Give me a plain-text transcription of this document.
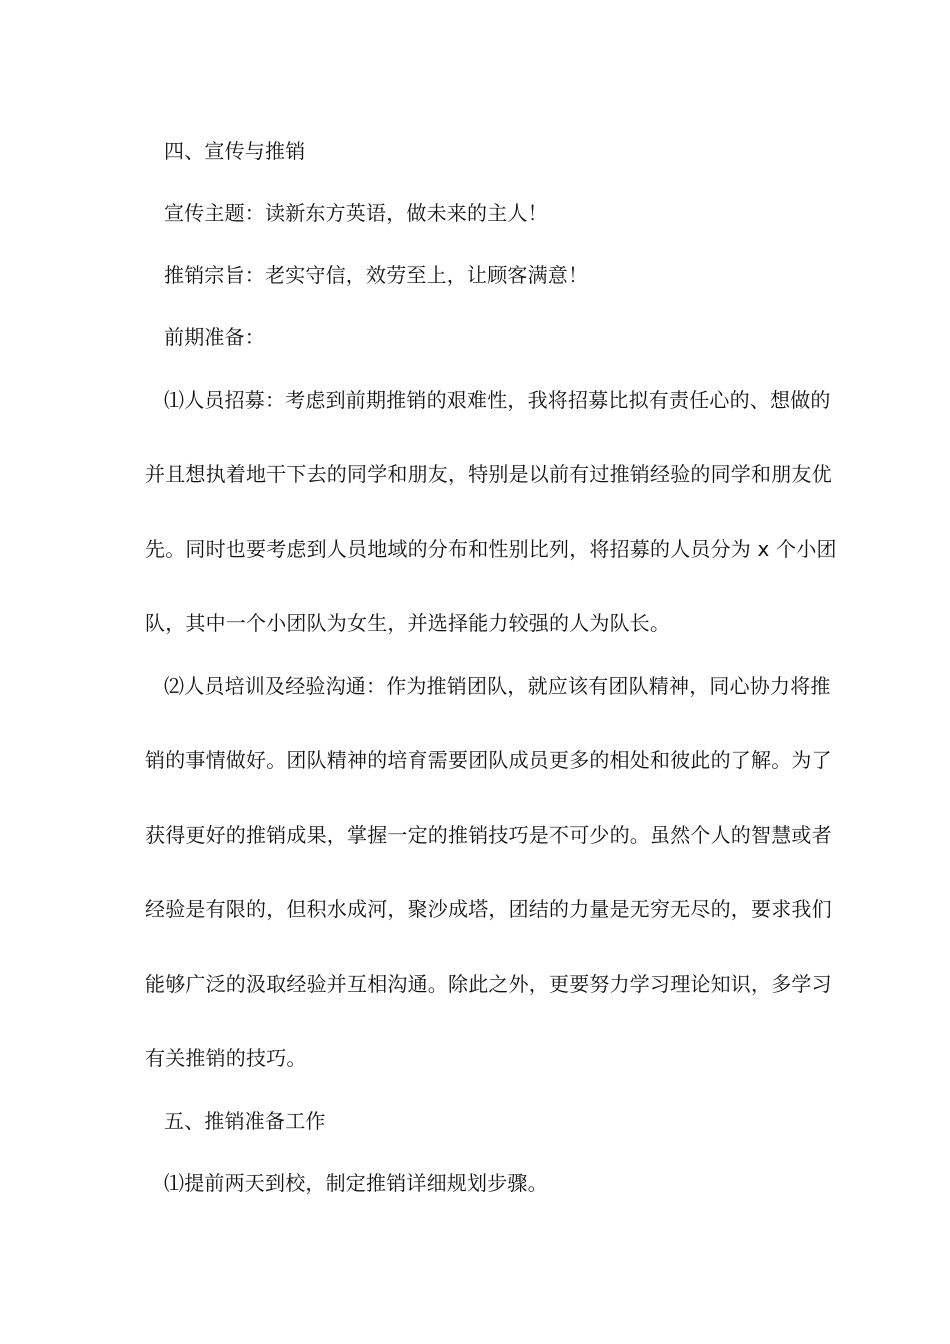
四、宣传与推销
宣传主题：读新东方英语，做未来的主人！
推销宗旨：老实守信，效劳至上，让顾客满意！
前期准备：
⑴人员招募：考虑到前期推销的艰难性，我将招募比拟有责任心的、想做的
并且想执着地干下去的同学和朋友，特别是以前有过推销经验的同学和朋友优
先。同时也要考虑到人员地域的分布和性别比列，将招募的人员分为 x 个小团
队，其中一个小团队为女生，并选择能力较强的人为队长。
⑵人员培训及经验沟通：作为推销团队，就应该有团队精神，同心协力将推
销的事情做好。团队精神的培育需要团队成员更多的相处和彼此的了解。为了
获得更好的推销成果，掌握一定的推销技巧是不可少的。虽然个人的智慧或者
经验是有限的，但积水成河，聚沙成塔，团结的力量是无穷无尽的，要求我们
能够广泛的汲取经验并互相沟通。除此之外，更要努力学习理论知识，多学习
有关推销的技巧。
五、推销准备工作
⑴提前两天到校，制定推销详细规划步骤。
